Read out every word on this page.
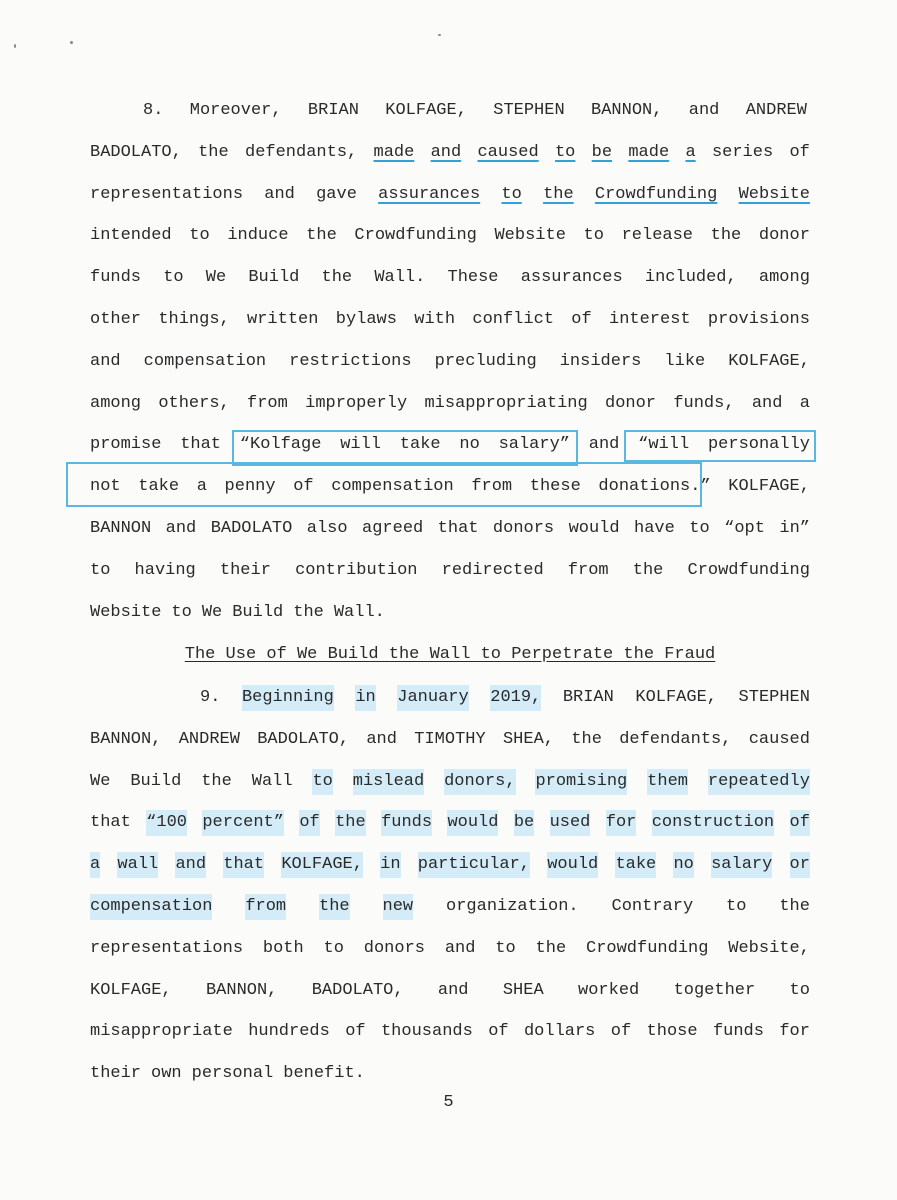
8. Moreover, BRIAN KOLFAGE, STEPHEN BANNON, and ANDREW
BADOLATO, the defendants, made and caused to be made a series of
representations and gave assurances to the Crowdfunding Website
intended to induce the Crowdfunding Website to release the donor
funds to We Build the Wall. These assurances included, among
other things, written bylaws with conflict of interest provisions
and compensation restrictions precluding insiders like KOLFAGE,
among others, from improperly misappropriating donor funds, and a
promise that “Kolfage will take no salary” and “will personally
not take a penny of compensation from these donations.” KOLFAGE,
BANNON and BADOLATO also agreed that donors would have to “opt in”
to having their contribution redirected from the Crowdfunding
Website to We Build the Wall.
9. Beginning in January 2019, BRIAN KOLFAGE, STEPHEN
BANNON, ANDREW BADOLATO, and TIMOTHY SHEA, the defendants, caused
We Build the Wall to mislead donors, promising them repeatedly
that “100 percent” of the funds would be used for construction of
a wall and that KOLFAGE, in particular, would take no salary or
compensation from the new organization. Contrary to the
representations both to donors and to the Crowdfunding Website,
KOLFAGE, BANNON, BADOLATO, and SHEA worked together to
misappropriate hundreds of thousands of dollars of those funds for
their own personal benefit.
The Use of We Build the Wall to Perpetrate the Fraud
5
